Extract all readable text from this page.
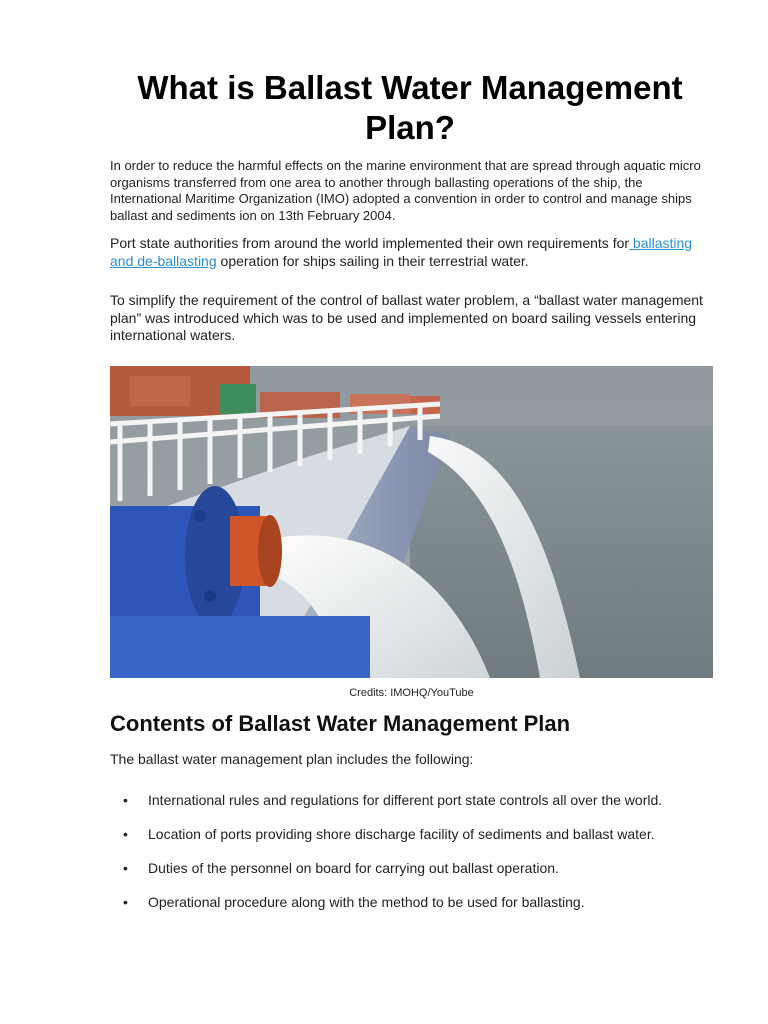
What is Ballast Water Management Plan?

In order to reduce the harmful effects on the marine environment that are spread through aquatic micro organisms transferred from one area to another through ballasting operations of the ship, the International Maritime Organization (IMO) adopted a convention in order to control and manage ships ballast and sediments ion on 13th February 2004.

Port state authorities from around the world implemented their own requirements for ballasting and de-ballasting operation for ships sailing in their terrestrial water.

To simplify the requirement of the control of ballast water problem, a “ballast water management plan” was introduced which was to be used and implemented on board sailing vessels entering international waters.

Credits: IMOHQ/YouTube

Contents of Ballast Water Management Plan

The ballast water management plan includes the following:

• International rules and regulations for different port state controls all over the world.
• Location of ports providing shore discharge facility of sediments and ballast water.
• Duties of the personnel on board for carrying out ballast operation.
• Operational procedure along with the method to be used for ballasting.
